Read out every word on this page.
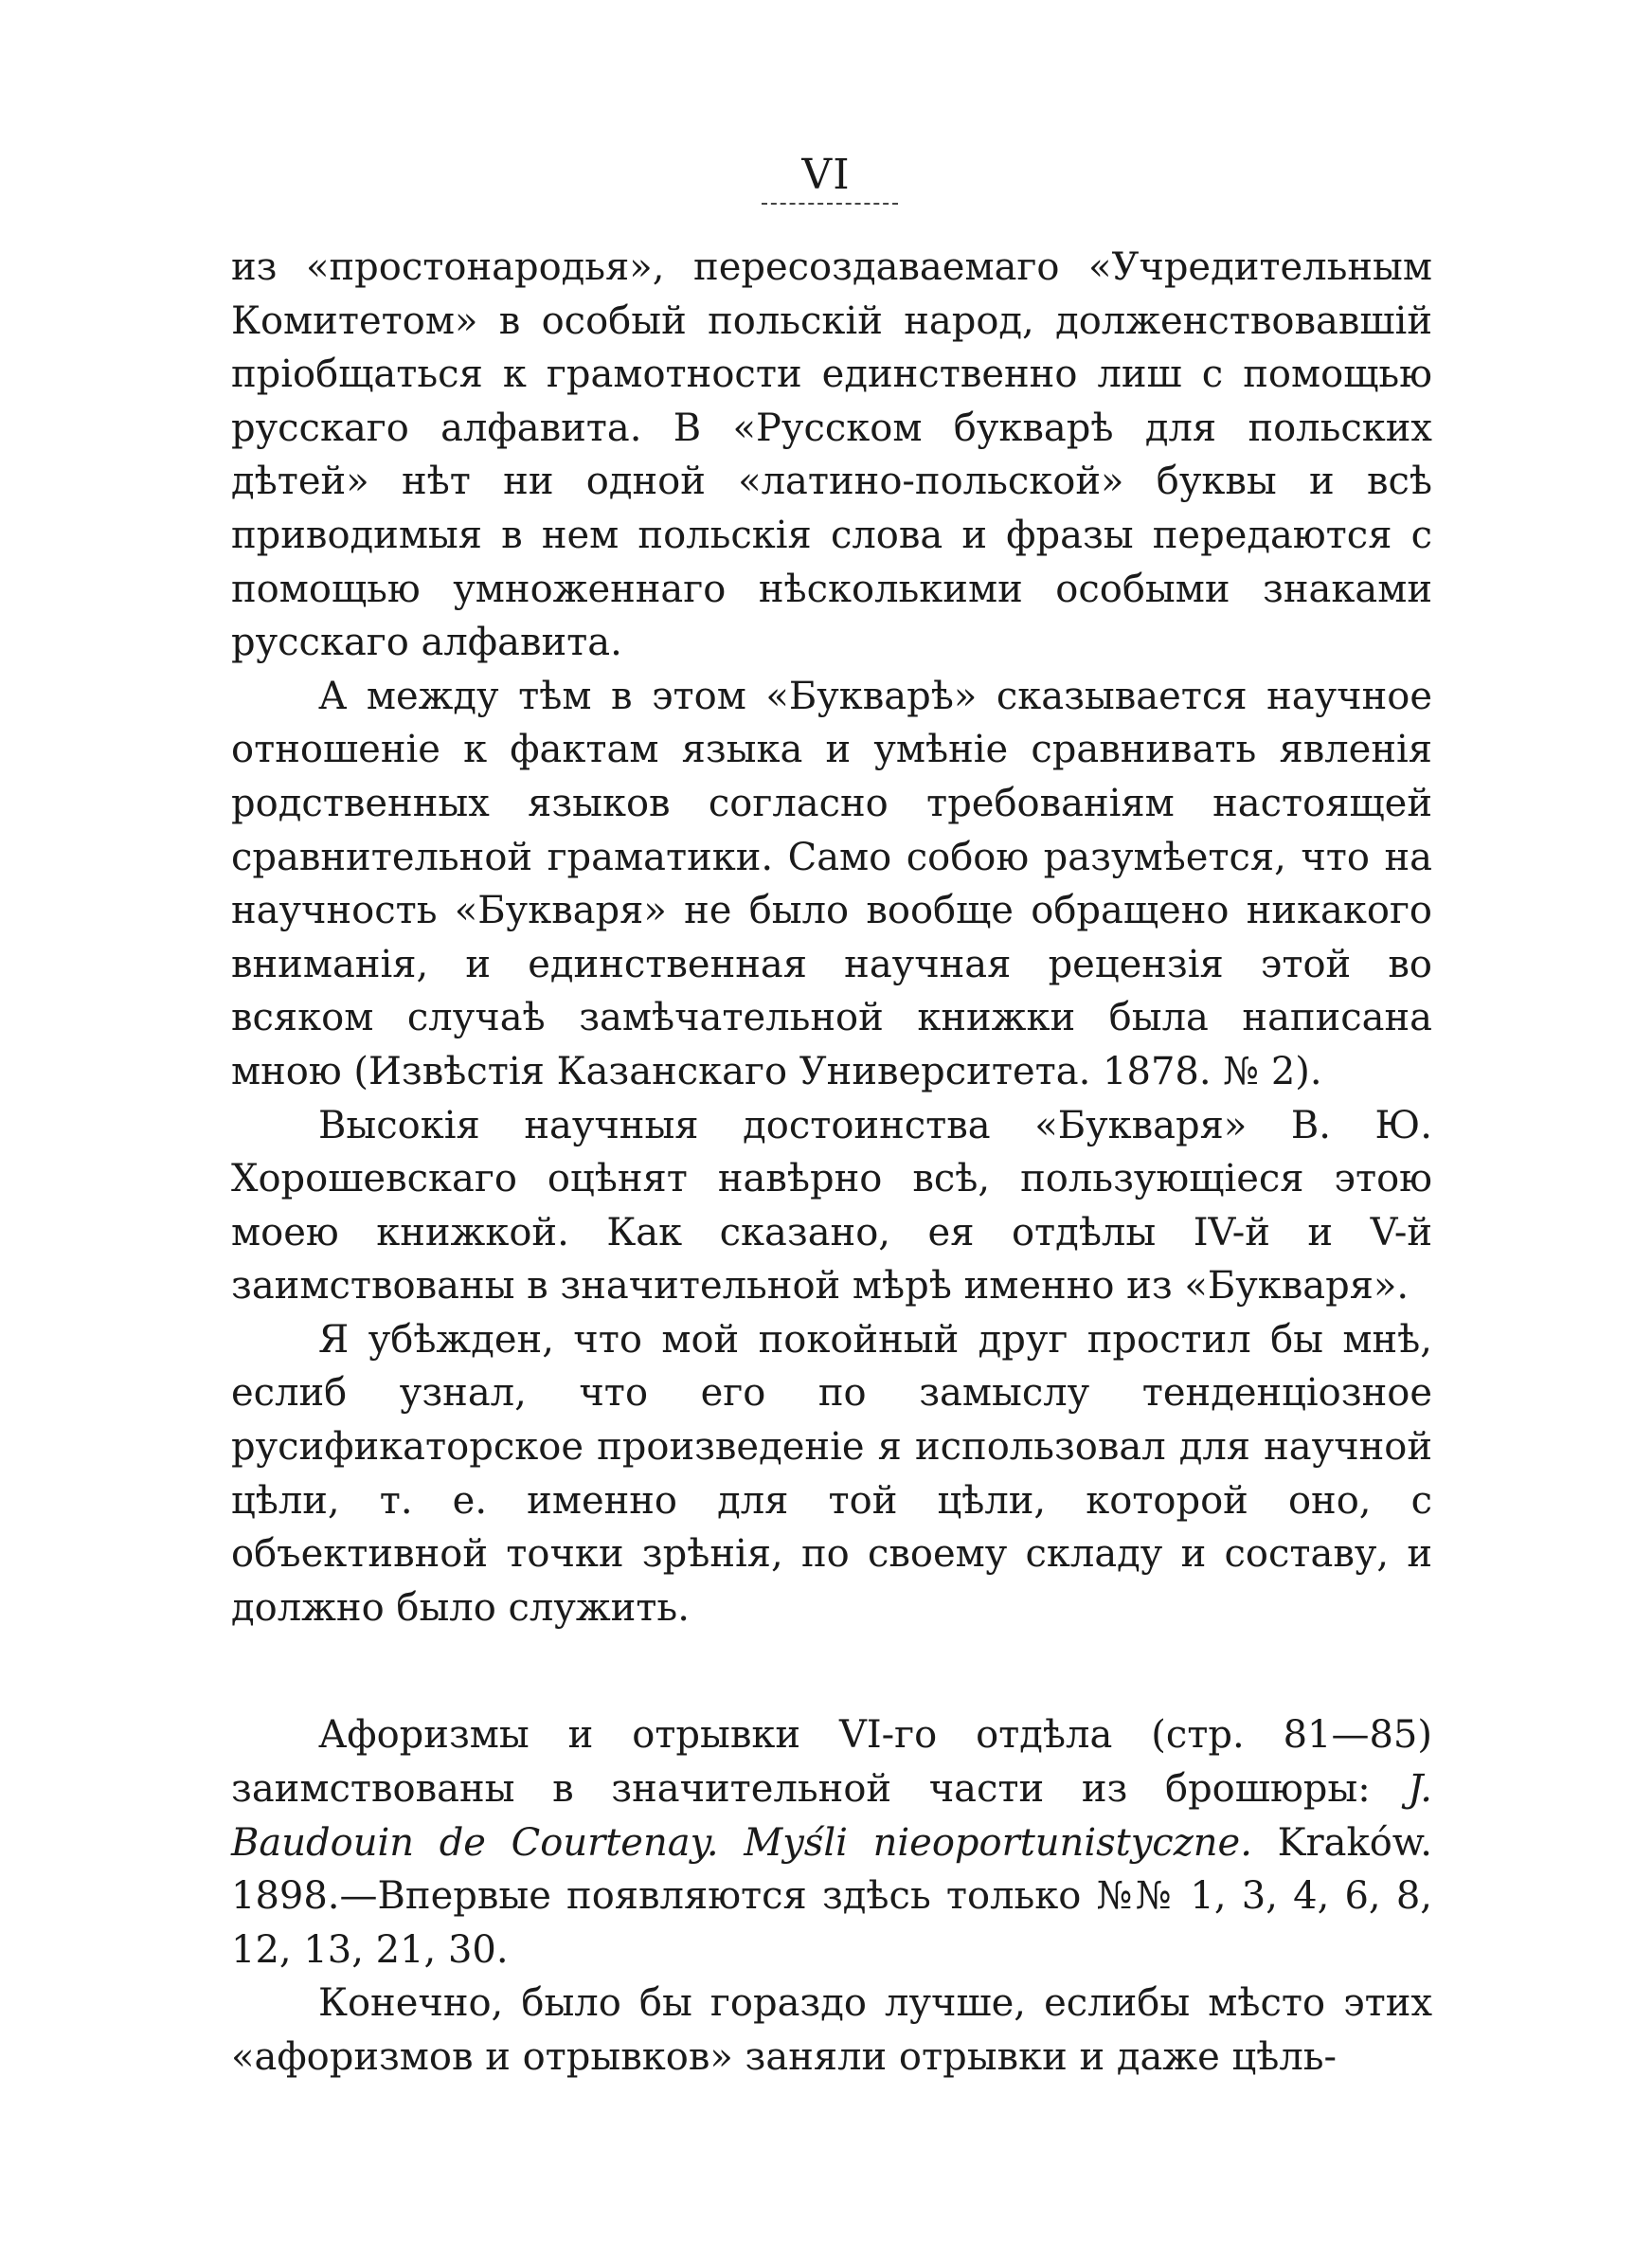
VI

из «простонародья», пересоздаваемаго «Учредительным Комитетом» в особый польскій народ, долженствовавшій пріобщаться к грамотности единственно лиш с помощью русскаго алфавита. В «Русском букварѣ для польских дѣтей» нѣт ни одной «латино-польской» буквы и всѣ приводимыя в нем польскія слова и фразы передаются с помощью умноженнаго нѣсколькими особыми знаками русскаго алфавита.

А между тѣм в этом «Букварѣ» сказывается научное отношеніе к фактам языка и умѣніе сравнивать явленія родственных языков согласно требованіям настоящей сравнительной граматики. Само собою разумѣется, что на научность «Букваря» не было вообще обращено никакого вниманія, и единственная научная рецензія этой во всяком случаѣ замѣчательной книжки была написана мною (Извѣстія Казанскаго Университета. 1878. № 2).

Высокія научныя достоинства «Букваря» В. Ю. Хорошевскаго оцѣнят навѣрно всѣ, пользующіеся этою моею книжкой. Как сказано, ея отдѣлы IV-й и V-й заимствованы в значительной мѣрѣ именно из «Букваря».

Я убѣжден, что мой покойный друг простил бы мнѣ, еслиб узнал, что его по замыслу тенденціозное русификаторское произведеніе я использовал для научной цѣли, т. е. именно для той цѣли, которой оно, с объективной точки зрѣнія, по своему складу и составу, и должно было служить.

Афоризмы и отрывки VI-го отдѣла (стр. 81—85) заимствованы в значительной части из брошюры: J. Baudouin de Courtenay. Myśli nieoportunistyczne. Kraków. 1898.—Впервые появляются здѣсь только №№ 1, 3, 4, 6, 8, 12, 13, 21, 30.

Конечно, было бы гораздо лучше, еслибы мѣсто этих «афоризмов и отрывков» заняли отрывки и даже цѣль-
